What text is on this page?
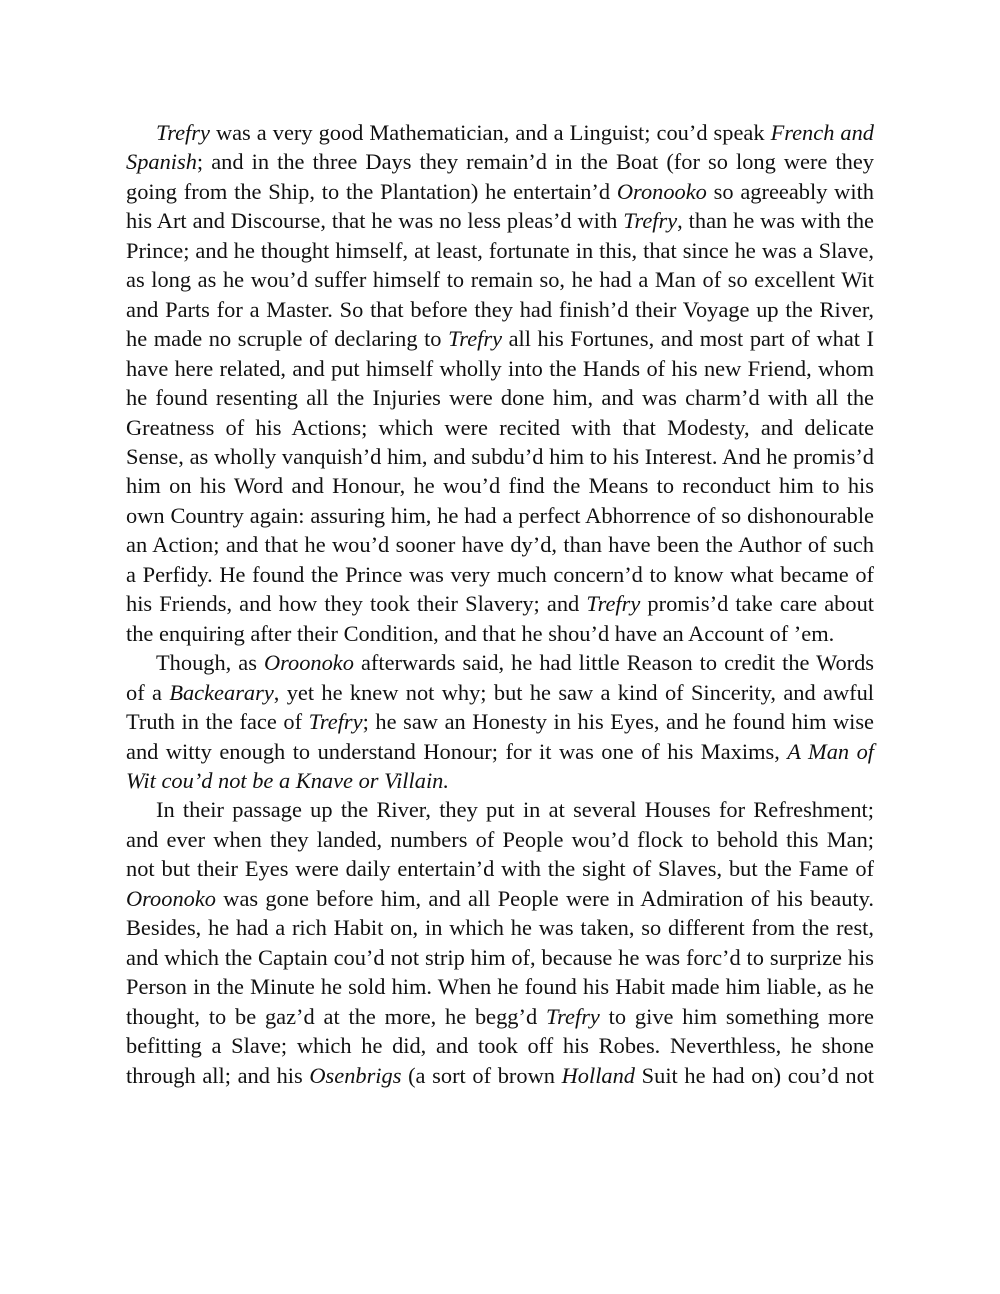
Trefry was a very good Mathematician, and a Linguist; cou’d speak French and Spanish; and in the three Days they remain’d in the Boat (for so long were they going from the Ship, to the Plantation) he entertain’d Oronooko so agreeably with his Art and Discourse, that he was no less pleas’d with Trefry, than he was with the Prince; and he thought himself, at least, fortunate in this, that since he was a Slave, as long as he wou’d suffer himself to remain so, he had a Man of so excellent Wit and Parts for a Master. So that before they had finish’d their Voyage up the River, he made no scruple of declaring to Trefry all his Fortunes, and most part of what I have here related, and put himself wholly into the Hands of his new Friend, whom he found resenting all the Injuries were done him, and was charm’d with all the Greatness of his Actions; which were recited with that Modesty, and delicate Sense, as wholly vanquish’d him, and subdu’d him to his Interest. And he promis’d him on his Word and Honour, he wou’d find the Means to reconduct him to his own Country again: assuring him, he had a perfect Abhorrence of so dishonourable an Action; and that he wou’d sooner have dy’d, than have been the Author of such a Perfidy. He found the Prince was very much concern’d to know what became of his Friends, and how they took their Slavery; and Trefry promis’d take care about the enquiring after their Condition, and that he shou’d have an Account of ’em.

Though, as Oroonoko afterwards said, he had little Reason to credit the Words of a Backearary, yet he knew not why; but he saw a kind of Sincerity, and awful Truth in the face of Trefry; he saw an Honesty in his Eyes, and he found him wise and witty enough to understand Honour; for it was one of his Maxims, A Man of Wit cou’d not be a Knave or Villain.

In their passage up the River, they put in at several Houses for Refreshment; and ever when they landed, numbers of People wou’d flock to behold this Man; not but their Eyes were daily entertain’d with the sight of Slaves, but the Fame of Oroonoko was gone before him, and all People were in Admiration of his beauty. Besides, he had a rich Habit on, in which he was taken, so different from the rest, and which the Captain cou’d not strip him of, because he was forc’d to surprize his Person in the Minute he sold him. When he found his Habit made him liable, as he thought, to be gaz’d at the more, he begg’d Trefry to give him something more befitting a Slave; which he did, and took off his Robes. Neverthless, he shone through all; and his Osenbrigs (a sort of brown Holland Suit he had on) cou’d not
